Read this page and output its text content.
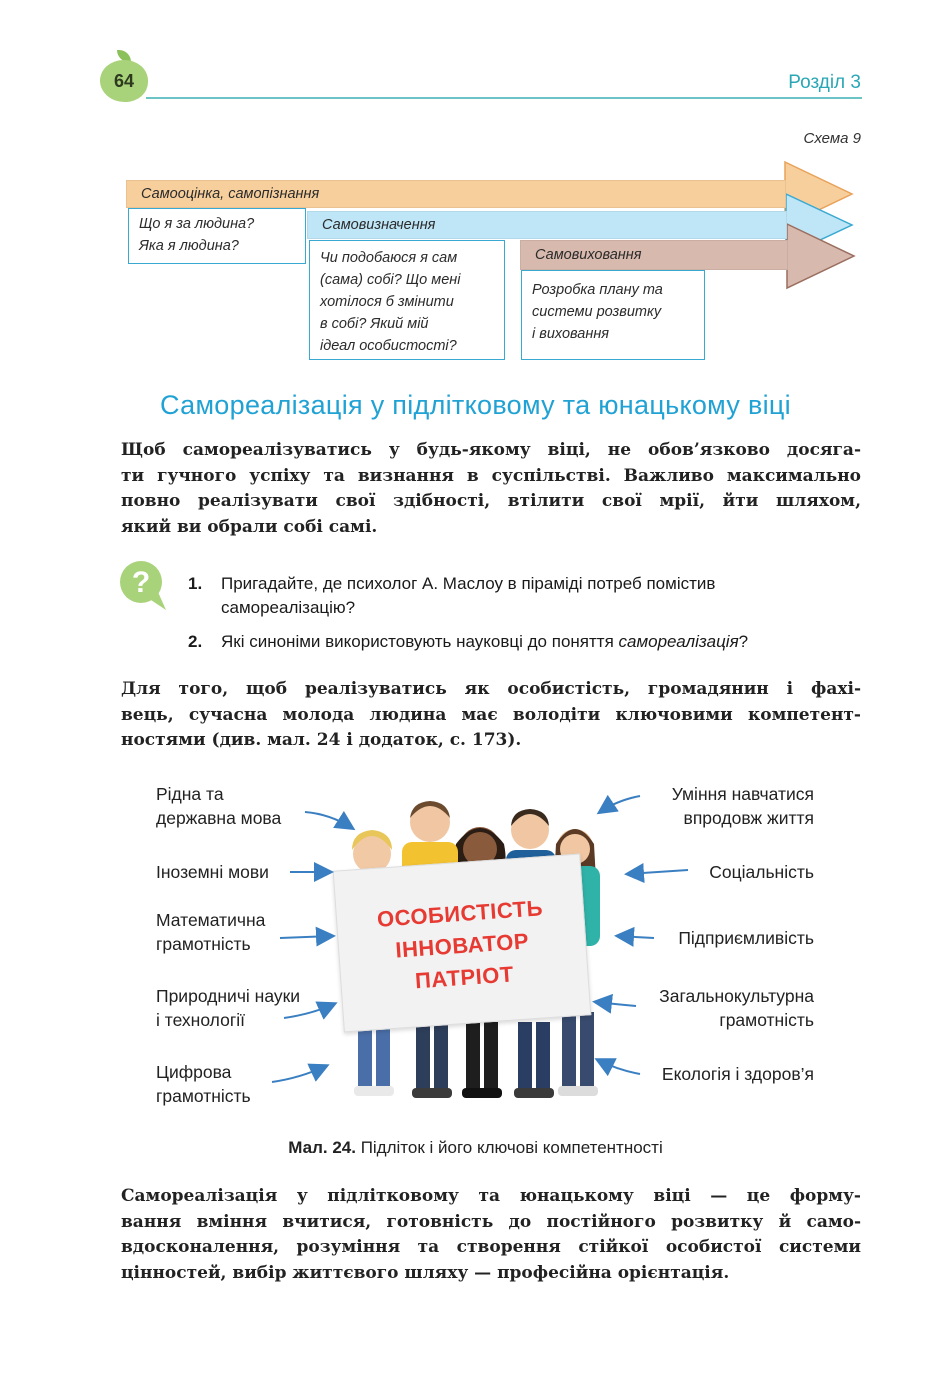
64	Розділ 3
Схема 9
Самооцінка, самопізнання
Що я за людина?
Яка я людина?
Самовизначення
Чи подобаюся я сам
(сама) собі? Що мені
хотілося б змінити
в собі? Який мій
ідеал особистості?
Самовиховання
Розробка плану та
системи розвитку
і виховання
Самореалізація у підлітковому та юнацькому віці
Щоб самореалізуватись у будь-якому віці, не обов’язково досяга-
ти гучного успіху та визнання в суспільстві. Важливо максимально
повно реалізувати свої здібності, втілити свої мрії, йти шляхом,
який ви обрали собі самі.
? 1. Пригадайте, де психолог А. Маслоу в піраміді потреб помістив
самореалізацію?
2. Які синоніми використовують науковці до поняття самореалізація?
Для того, щоб реалізуватись як особистість, громадянин і фахі-
вець, сучасна молода людина має володіти ключовими компетент-
ностями (див. мал. 24 і додаток, с. 173).
ОСОБИСТІСТЬ
ІННОВАТОР
ПАТРІОТ
Рідна та
державна мова
Іноземні мови
Математична
грамотність
Природничі науки
і технології
Цифрова
грамотність
Уміння навчатися
впродовж життя
Соціальність
Підприємливість
Загальнокультурна
грамотність
Екологія і здоров’я
Мал. 24. Підліток і його ключові компетентності
Самореалізація у підлітковому та юнацькому віці — це форму-
вання вміння вчитися, готовність до постійного розвитку й само-
вдосконалення, розуміння та створення стійкої особистої системи
цінностей, вибір життєвого шляху — професійна орієнтація.
